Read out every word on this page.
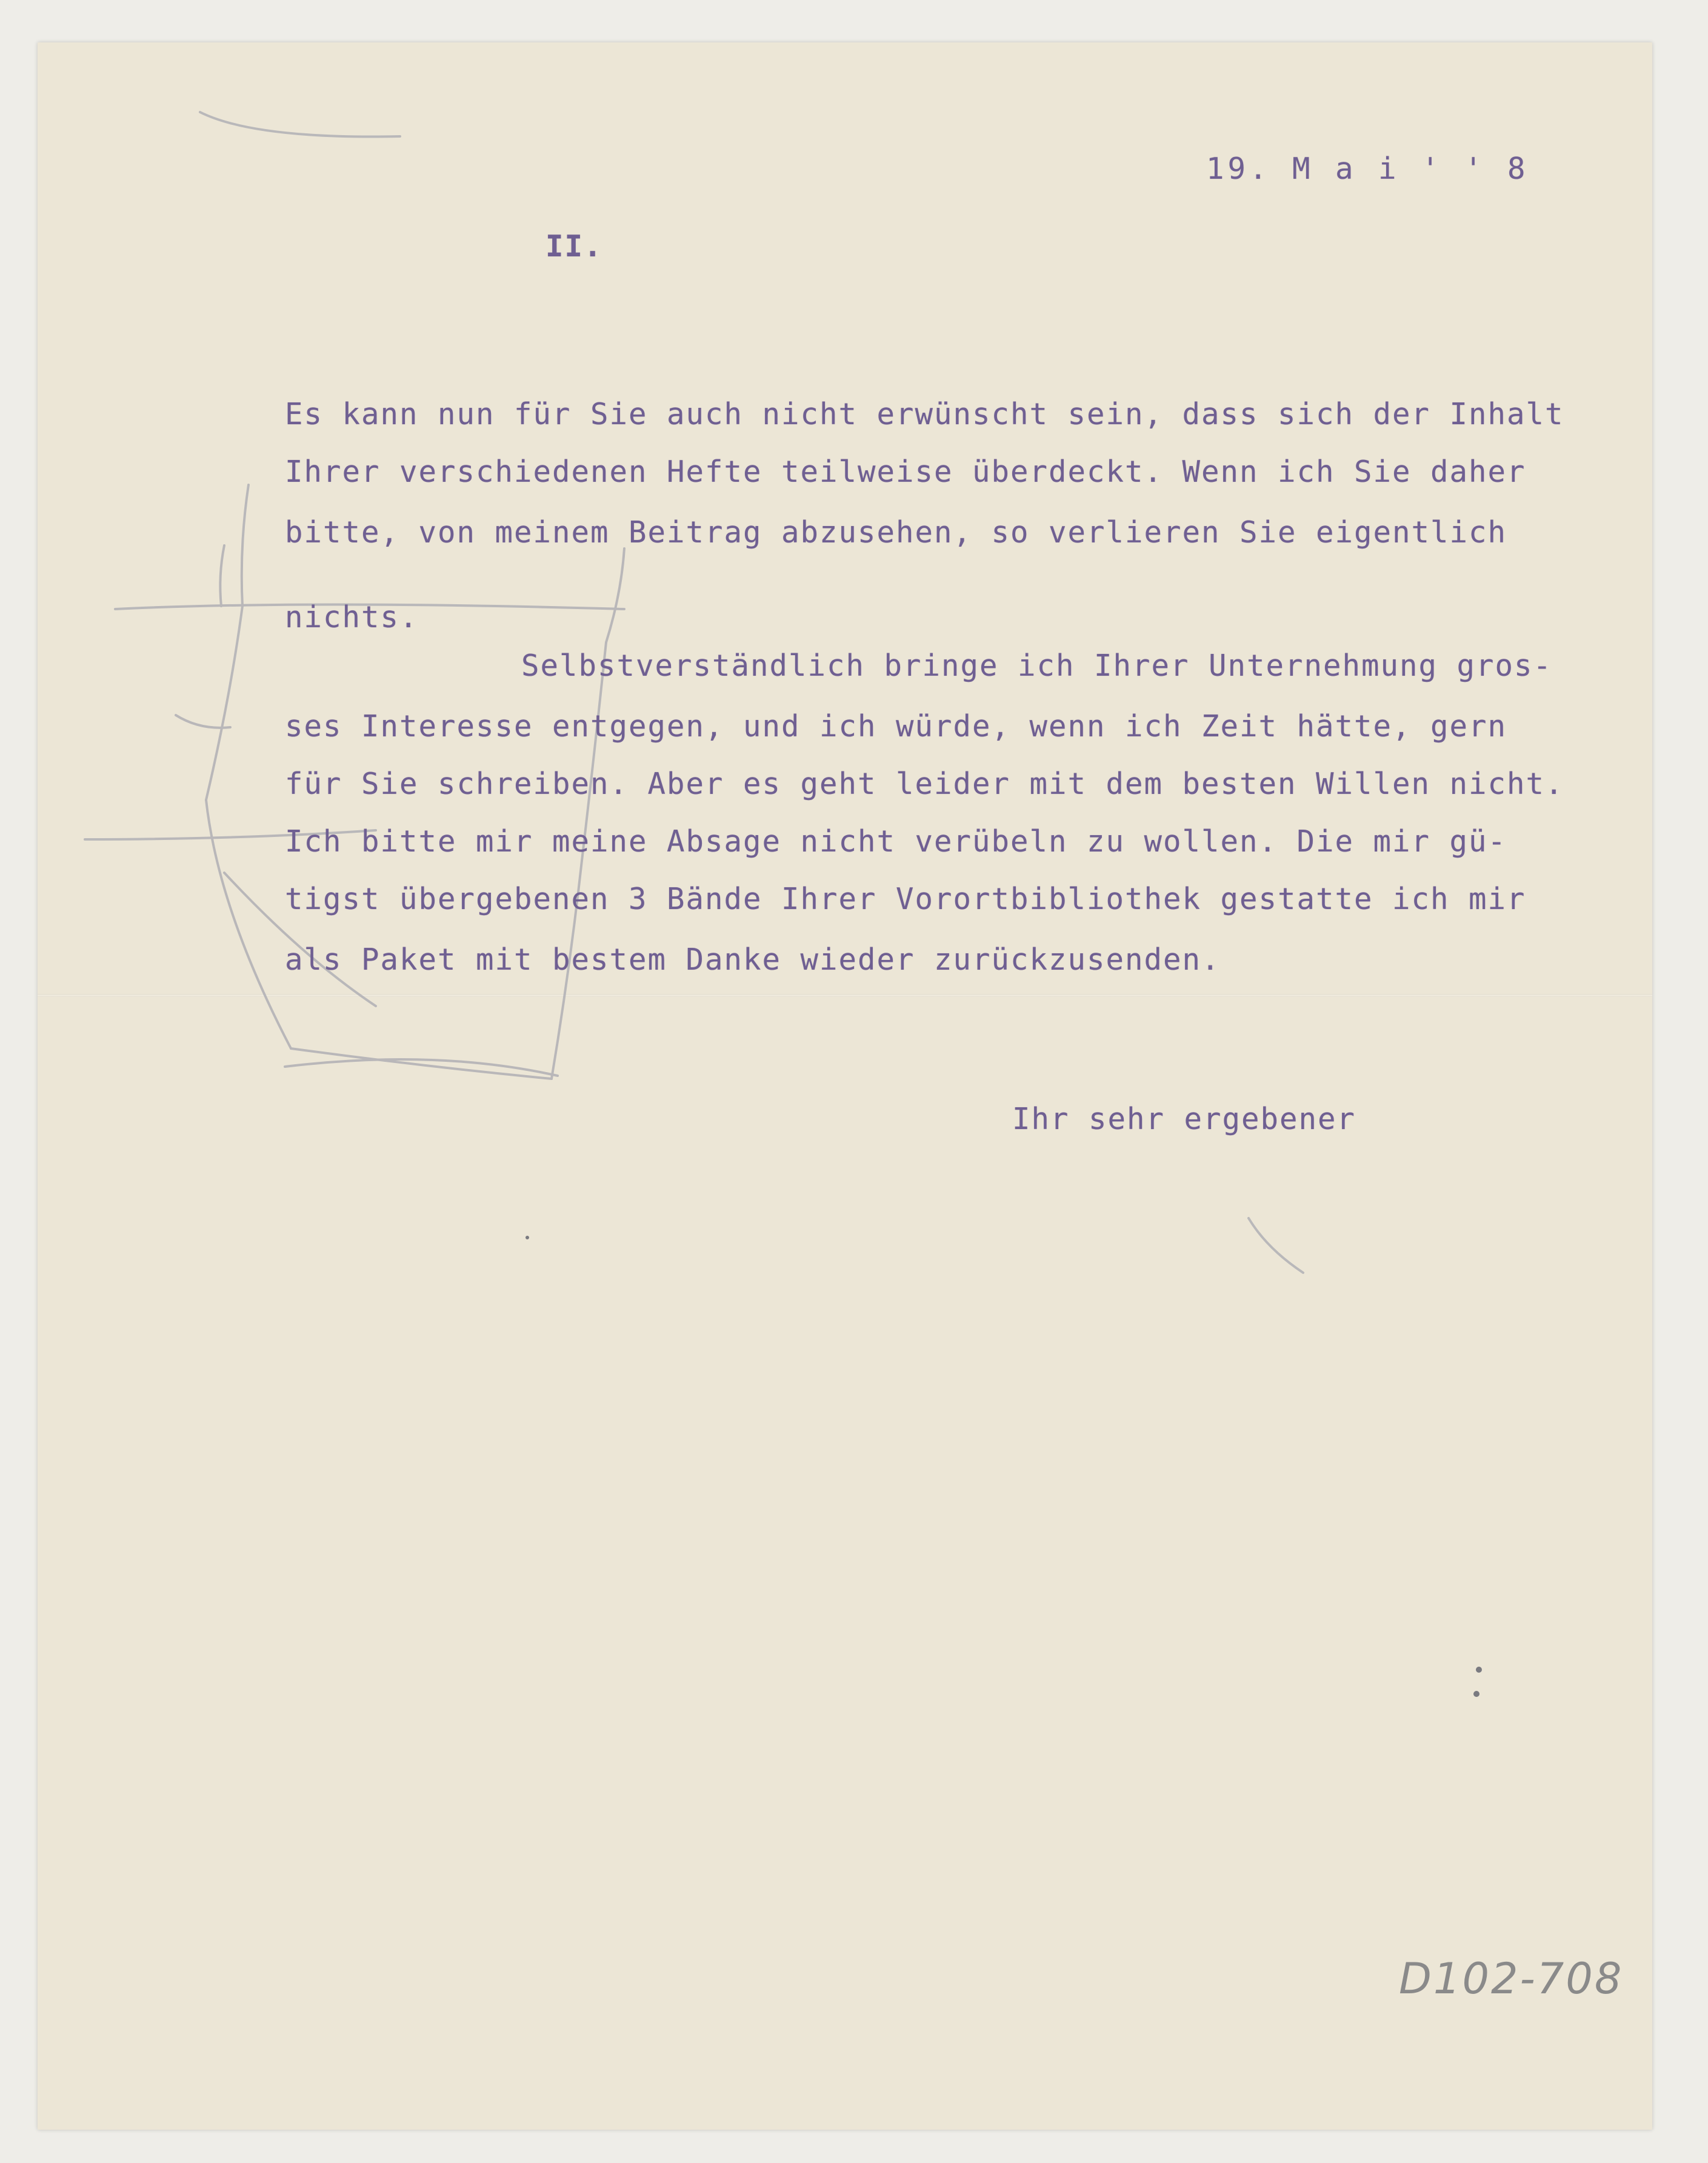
19. M a i ' ' 8
II.
Es kann nun für Sie auch nicht erwünscht sein, dass sich der Inhalt
Ihrer verschiedenen Hefte teilweise überdeckt. Wenn ich Sie daher
bitte, von meinem Beitrag abzusehen, so verlieren Sie eigentlich
nichts.
Selbstverständlich bringe ich Ihrer Unternehmung gros-
ses Interesse entgegen, und ich würde, wenn ich Zeit hätte, gern
für Sie schreiben. Aber es geht leider mit dem besten Willen nicht.
Ich bitte mir meine Absage nicht verübeln zu wollen. Die mir gü-
tigst übergebenen 3 Bände Ihrer Vorortbibliothek gestatte ich mir
als Paket mit bestem Danke wieder zurückzusenden.
Ihr sehr ergebener
D102-708
